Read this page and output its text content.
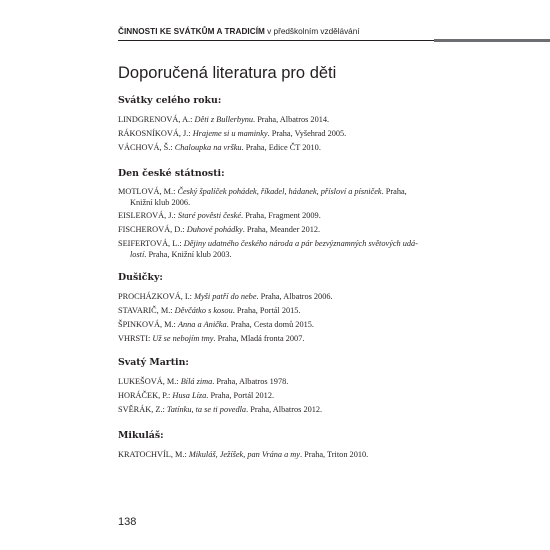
ČINNOSTI KE SVÁTKŮM A TRADICÍM v předškolním vzdělávání
Doporučená literatura pro děti
Svátky celého roku:
LINDGRENOVÁ, A.: Děti z Bullerbynu. Praha, Albatros 2014.
RÁKOSNÍKOVÁ, J.: Hrajeme si u maminky. Praha, Vyšehrad 2005.
VÁCHOVÁ, Š.: Chaloupka na vršku. Praha, Edice ČT 2010.
Den české státnosti:
MOTLOVÁ, M.: Český špalíček pohádek, říkadel, hádanek, přísloví a písniček. Praha,
Knižní klub 2006.
EISLEROVÁ, J.: Staré pověsti české. Praha, Fragment 2009.
FISCHEROVÁ, D.: Duhové pohádky. Praha, Meander 2012.
SEIFERTOVÁ, L.: Dějiny udatného českého národa a pár bezvýznamných světových udá-
lostí. Praha, Knižní klub 2003.
Dušičky:
PROCHÁZKOVÁ, I.: Myši patří do nebe. Praha, Albatros 2006.
STAVARIČ, M.: Děvčátko s kosou. Praha, Portál 2015.
ŠPINKOVÁ, M.: Anna a Anička. Praha, Cesta domů 2015.
VHRSTI: Už se nebojím tmy. Praha, Mladá fronta 2007.
Svatý Martin:
LUKEŠOVÁ, M.: Bílá zima. Praha, Albatros 1978.
HORÁČEK, P.: Husa Líza. Praha, Portál 2012.
SVĚRÁK, Z.: Tatínku, ta se ti povedla. Praha, Albatros 2012.
Mikuláš:
KRATOCHVÍL, M.: Mikuláš, Ježíšek, pan Vrána a my. Praha, Triton 2010.
138
